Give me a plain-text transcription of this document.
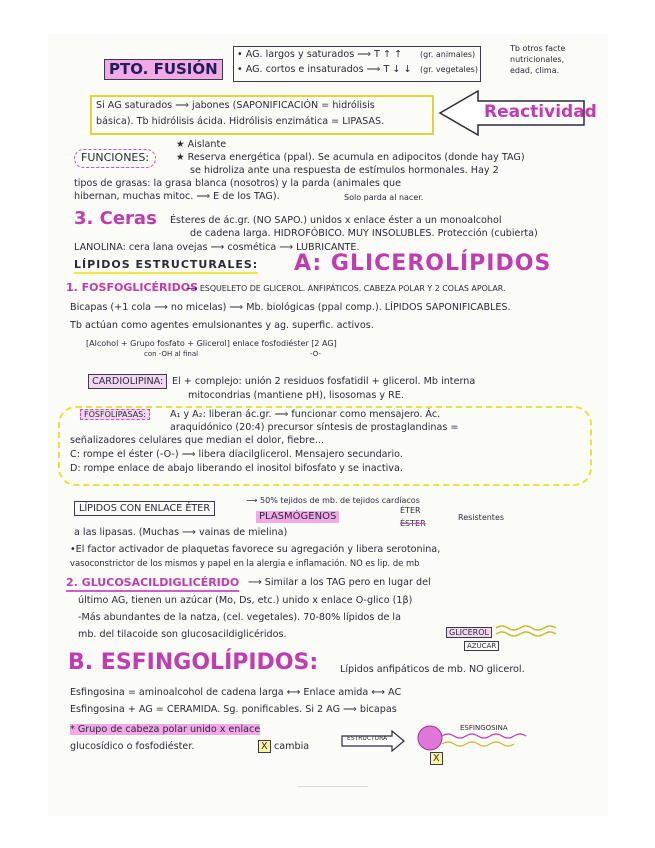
PTO. FUSIÓN
• AG. largos y saturados ⟹ T ↑ ↑ (gr. animales)
• AG. cortos e insaturados ⟹ T ↓ ↓ (gr. vegetales)
Tb otros facte
nutricionales,
edad, clima.
Si AG saturados ⟹ jabones (SAPONIFICACIÓN = hidrólisis
básica). Tb hidrólisis ácida. Hidrólisis enzimática = LIPASAS.	Reactividad
FUNCIONES:
★ Aislante
★ Reserva energética (ppal). Se acumula en adipocitos (donde hay TAG)
se hidroliza ante una respuesta de estímulos hormonales. Hay 2
tipos de grasas: la grasa blanca (nosotros) y la parda (animales que
hibernan, muchas mitoc. ⟹ E de los TAG).	Solo parda al nacer.
3. Ceras Ésteres de ác.gr. (NO SAPO.) unidos x enlace éster a un monoalcohol
de cadena larga. HIDROFÓBICO. MUY INSOLUBLES. Protección (cubierta)
LANOLINA: cera lana ovejas ⟶ cosmética ⟶ LUBRICANTE.
LÍPIDOS ESTRUCTURALES: A: GLICEROLÍPIDOS
1. FOSFOGLICÉRIDOS
⟶ ESQUELETO DE GLICEROL. ANFIPÁTICOS. CABEZA POLAR Y 2 COLAS APOLAR.
Bicapas (+1 cola ⟶ no micelas) ⟹ Mb. biológicas (ppal comp.). LÍPIDOS SAPONIFICABLES.
Tb actúan como agentes emulsionantes y ag. superfic. activos.
[Alcohol + Grupo fosfato + Glicerol] enlace fosfodiéster [2 AG]
con -OH al final	-O-
CARDIOLIPINA: El + complejo: unión 2 residuos fosfatidil + glicerol. Mb interna
mitocondrias (mantiene pH), lisosomas y RE.
FOSFOLIPASAS:	A₁ y A₂: liberan ác.gr. ⟹ funcionar como mensajero. Ác.
araquidónico (20:4) precursor síntesis de prostaglandinas =
señalizadores celulares que median el dolor, fiebre...
C: rompe el éster (-O-) ⟹ libera diacilglicerol. Mensajero secundario.
D: rompe enlace de abajo liberando el inositol bifosfato y se inactiva.
LÍPIDOS CON ENLACE ÉTER
⟶ 50% tejidos de mb. de tejidos cardíacos
PLASMÓGENOS
ÉTER
ÉSTER
Resistentes
a las lipasas. (Muchas ⟶ vainas de mielina)
•El factor activador de plaquetas favorece su agregación y libera serotonina,
vasoconstrictor de los mismos y papel en la alergia e inflamación. NO es lip. de mb
2. GLUCOSACILDIGLICÉRIDO ⟶ Similar a los TAG pero en lugar del
último AG, tienen un azúcar (Mo, Ds, etc.) unido x enlace O-glico (1β)
-Más abundantes de la natza, (cel. vegetales). 70-80% lípidos de la
mb. del tilacoide son glucosacildiglicéridos.	GLICEROL
AZÚCAR
B. ESFINGOLÍPIDOS: Lípidos anfipáticos de mb. NO glicerol.
Esfingosina = aminoalcohol de cadena larga ⟷ Enlace amida ⟷ AC
Esfingosina + AG = CERAMIDA. Sg. ponificables. Si 2 AG ⟹ bicapas
* Grupo de cabeza polar unido x enlace
glucosídico o fosfodiéster.	X cambia
ESTRUCTURA
ESFINGOSINA
X
